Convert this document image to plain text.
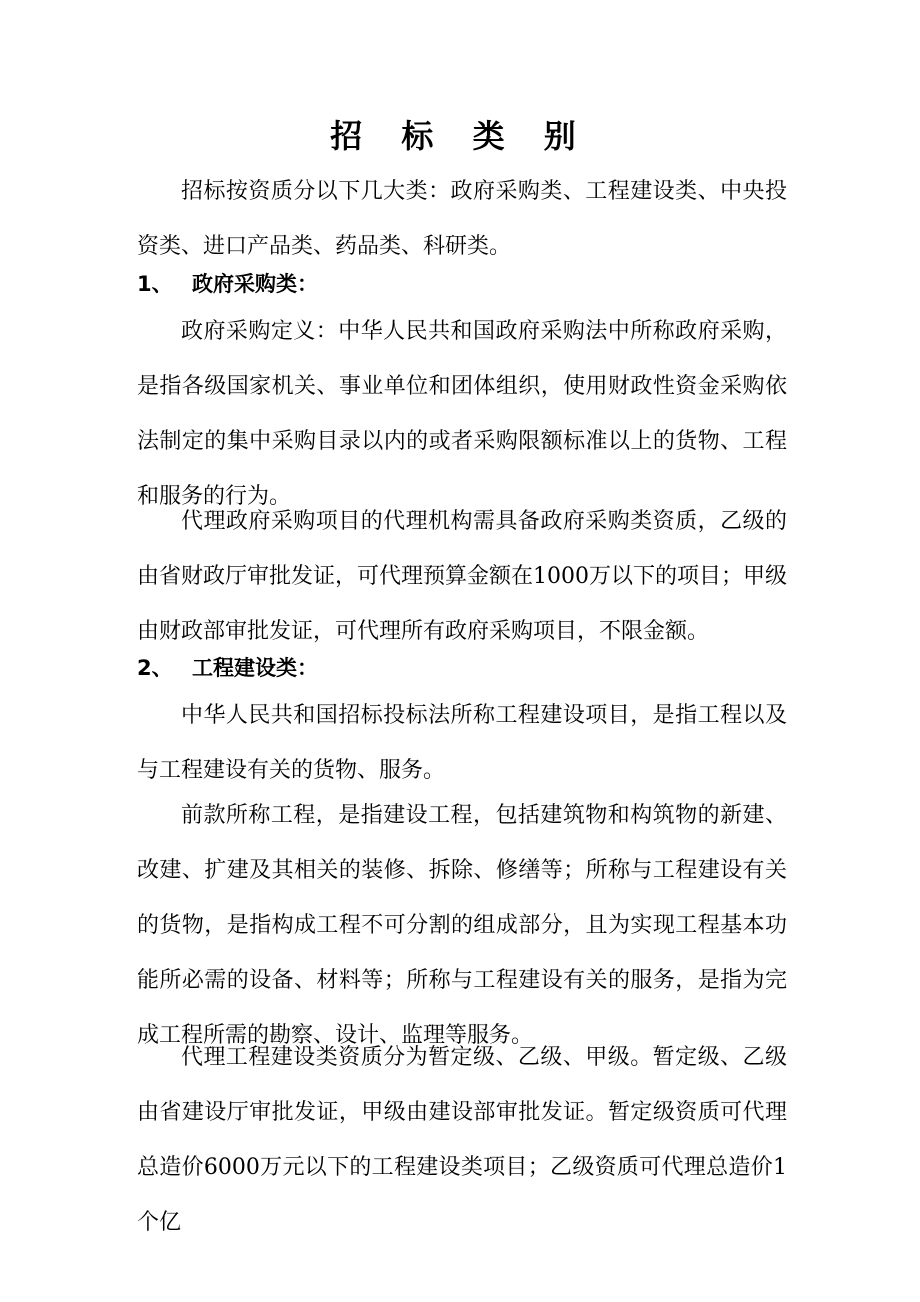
招 标 类 别

招标按资质分以下几大类：政府采购类、工程建设类、中央投资类、进口产品类、药品类、科研类。

1、 政府采购类：

政府采购定义：中华人民共和国政府采购法中所称政府采购，是指各级国家机关、事业单位和团体组织，使用财政性资金采购依法制定的集中采购目录以内的或者采购限额标准以上的货物、工程和服务的行为。

代理政府采购项目的代理机构需具备政府采购类资质，乙级的由省财政厅审批发证，可代理预算金额在1000万以下的项目；甲级由财政部审批发证，可代理所有政府采购项目，不限金额。

2、 工程建设类：

中华人民共和国招标投标法所称工程建设项目，是指工程以及与工程建设有关的货物、服务。

前款所称工程，是指建设工程，包括建筑物和构筑物的新建、改建、扩建及其相关的装修、拆除、修缮等；所称与工程建设有关的货物，是指构成工程不可分割的组成部分，且为实现工程基本功能所必需的设备、材料等；所称与工程建设有关的服务，是指为完成工程所需的勘察、设计、监理等服务。

代理工程建设类资质分为暂定级、乙级、甲级。暂定级、乙级由省建设厅审批发证，甲级由建设部审批发证。暂定级资质可代理总造价6000万元以下的工程建设类项目；乙级资质可代理总造价1个亿
